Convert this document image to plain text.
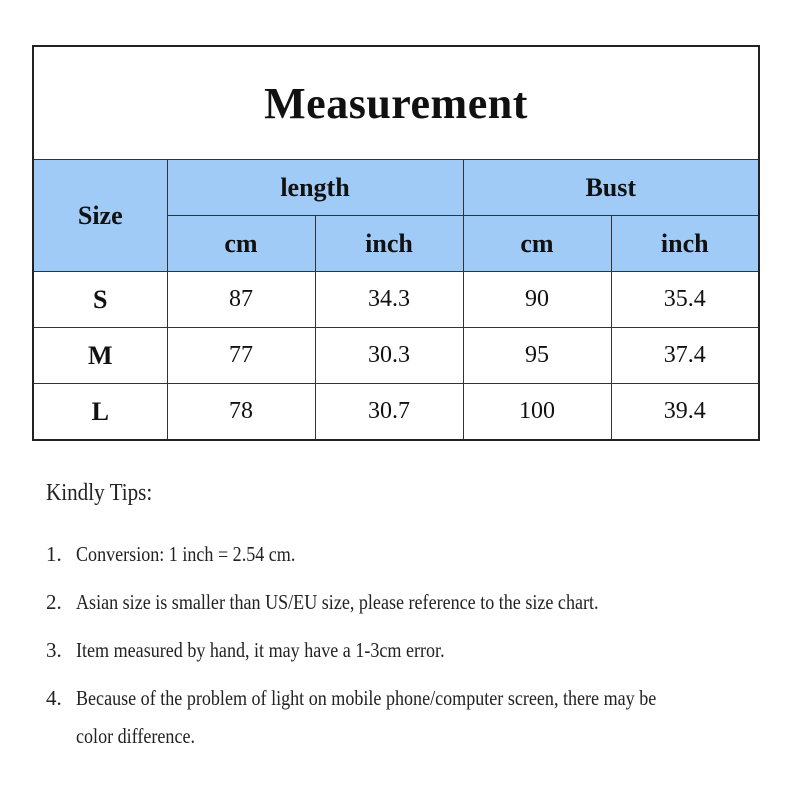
Measurement				
Size	length		Bust	
	cm	inch	cm	inch
S	87	34.3	90	35.4
M	77	30.3	95	37.4
L	78	30.7	100	39.4
Kindly Tips:
1. Conversion: 1 inch = 2.54 cm.
2. Asian size is smaller than US/EU size, please reference to the size chart.
3. Item measured by hand, it may have a 1-3cm error.
4. Because of the problem of light on mobile phone/computer screen, there may be color difference.
